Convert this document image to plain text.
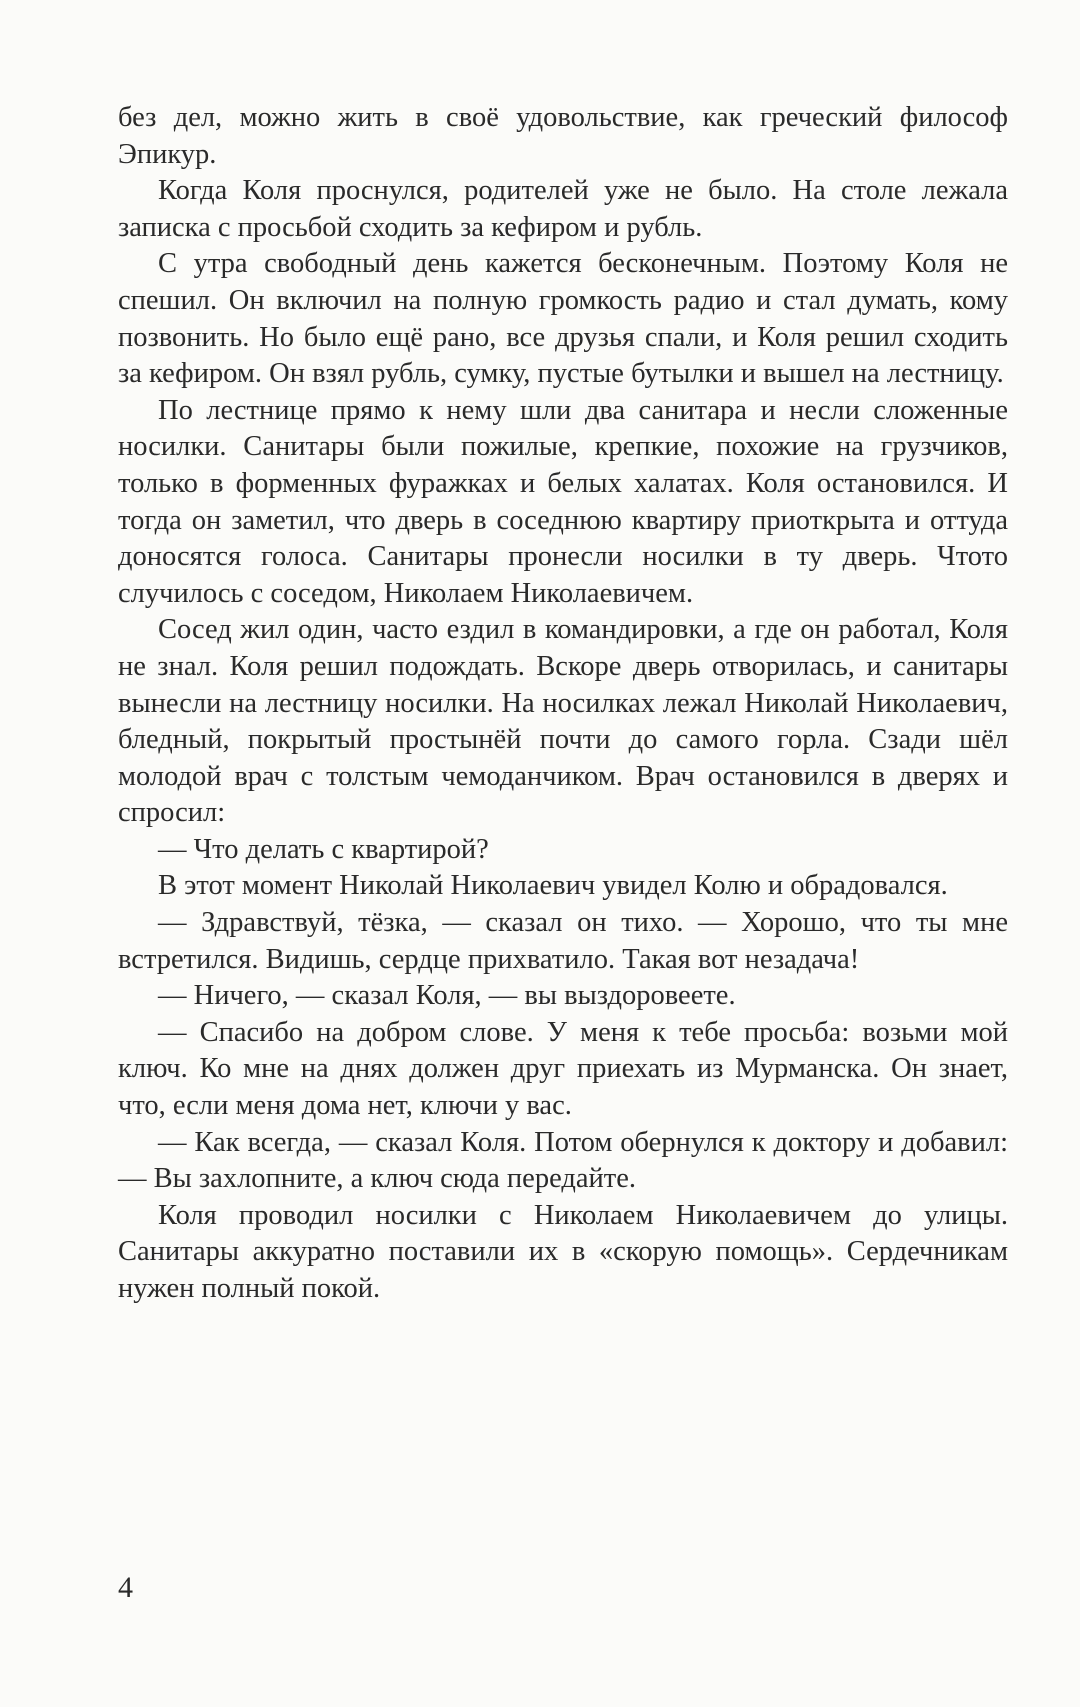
без дел, можно жить в своё удовольствие, как греческий философ Эпикур.

Когда Коля проснулся, родителей уже не было. На столе лежала записка с просьбой сходить за кефиром и рубль.

С утра свободный день кажется бесконечным. Поэтому Коля не спешил. Он включил на полную громкость радио и стал думать, кому позвонить. Но было ещё рано, все друзья спали, и Коля решил сходить за кефиром. Он взял рубль, сумку, пустые бутылки и вышел на лестницу.

По лестнице прямо к нему шли два санитара и несли сложенные носилки. Санитары были пожилые, крепкие, похожие на грузчиков, только в форменных фуражках и белых халатах. Коля остановился. И тогда он заметил, что дверь в соседнюю квартиру приоткрыта и оттуда доносятся голоса. Санитары пронесли носилки в ту дверь. Чтото случилось с соседом, Николаем Николаевичем.

Сосед жил один, часто ездил в командировки, а где он работал, Коля не знал. Коля решил подождать. Вскоре дверь отворилась, и санитары вынесли на лестницу носилки. На носилках лежал Николай Николаевич, бледный, покрытый простынёй почти до самого горла. Сзади шёл молодой врач с толстым чемоданчиком. Врач остановился в дверях и спросил:

— Что делать с квартирой?

В этот момент Николай Николаевич увидел Колю и обрадовался.

— Здравствуй, тёзка, — сказал он тихо. — Хорошо, что ты мне встретился. Видишь, сердце прихватило. Такая вот незадача!

— Ничего, — сказал Коля, — вы выздоровеете.

— Спасибо на добром слове. У меня к тебе просьба: возьми мой ключ. Ко мне на днях должен друг приехать из Мурманска. Он знает, что, если меня дома нет, ключи у вас.

— Как всегда, — сказал Коля. Потом обернулся к доктору и добавил: — Вы захлопните, а ключ сюда передайте.

Коля проводил носилки с Николаем Николаевичем до улицы. Санитары аккуратно поставили их в «скорую помощь». Сердечникам нужен полный покой.

4
